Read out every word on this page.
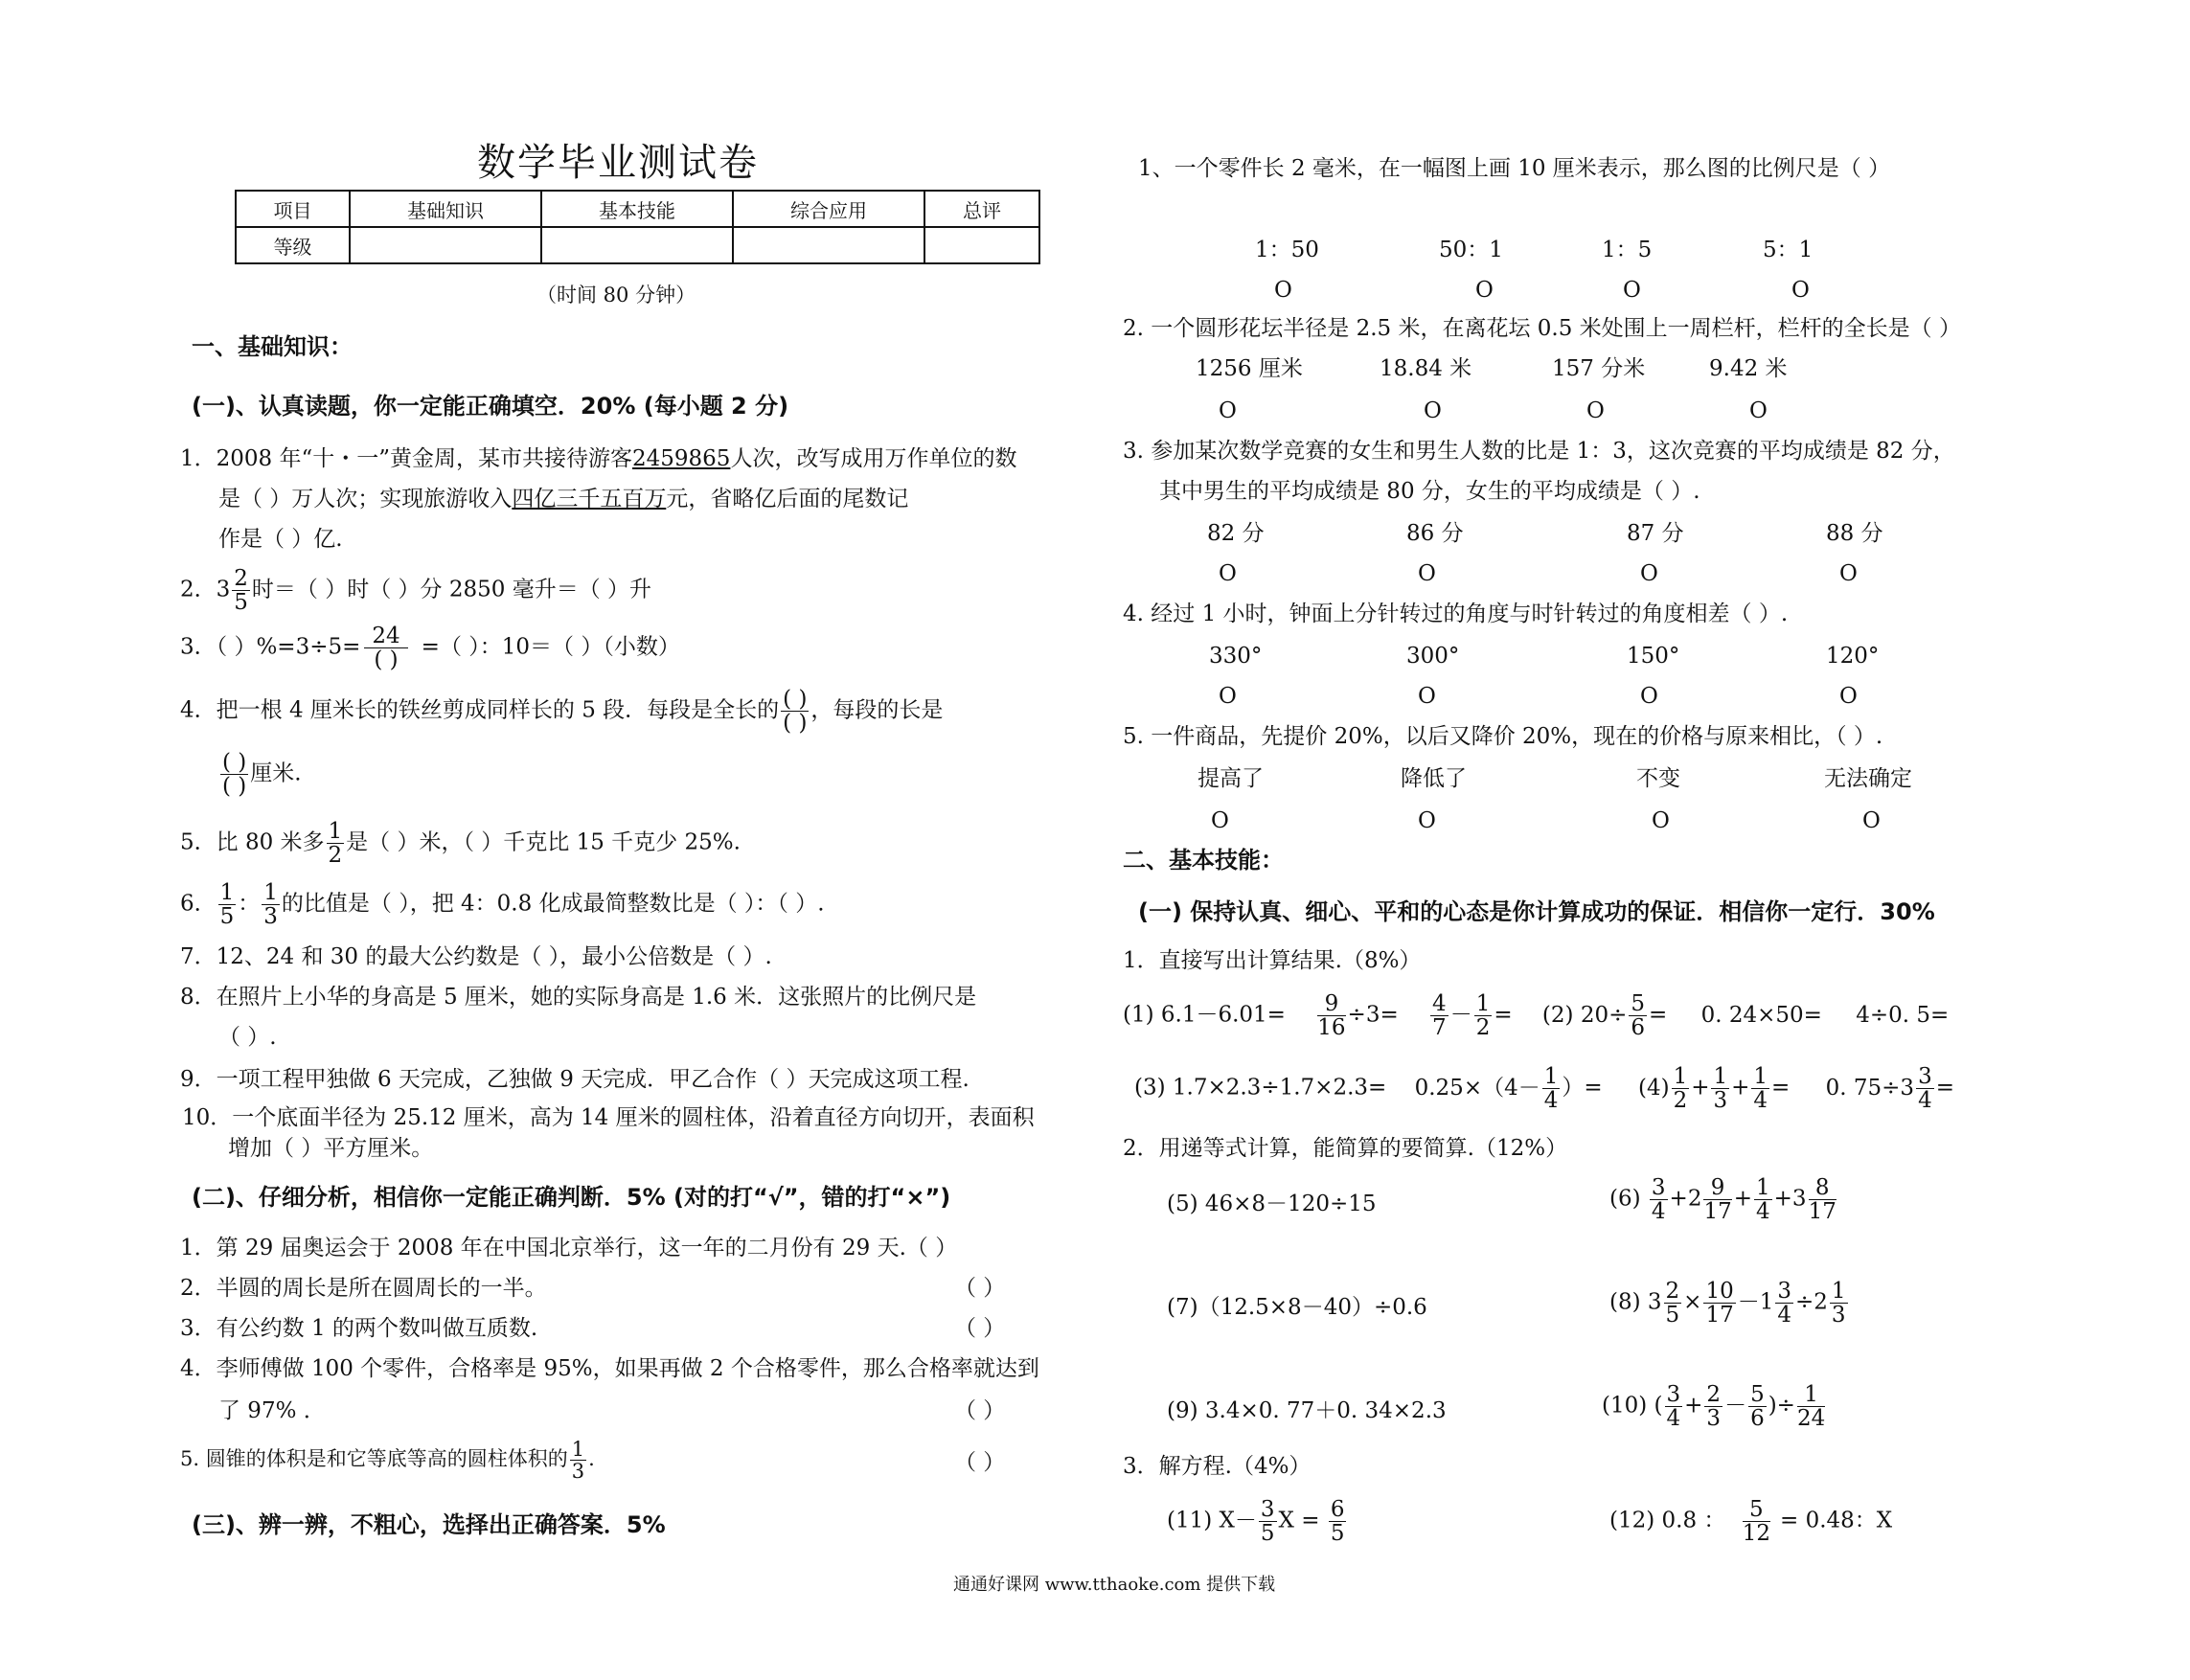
数学毕业测试卷
项目	基础知识	基本技能	综合应用	总评
等级				
（时间 80 分钟）
一、基础知识：
(一)、认真读题，你一定能正确填空．20% (每小题 2 分)
1．2008 年“十・一”黄金周，某市共接待游客2459865人次，改写成用万作单位的数
是（ ）万人次；实现旅游收入四亿三千五百万元，省略亿后面的尾数记
作是（ ）亿.
2．$3 \frac{2}{5}$ 时＝（ ）时（ ）分 2850 毫升＝（ ）升
3．（ ）%=3÷5= 24
( )
=（ ）：10＝（ ）（小数）
4．把一根 4 厘米长的铁丝剪成同样长的 5 段．每段是全长的 ( )
( )
，每段的长是
( )
( )
厘米.
5．比 80 米多 $\frac{1}{2}$ 是（ ）米，（ ）千克比 15 千克少 25%.
6． $\frac{1}{5}$ ： $\frac{1}{3}$ 的比值是（ ），把 4：0.8 化成最简整数比是（ ）：（ ）.
7．12、24 和 30 的最大公约数是（ ），最小公倍数是（ ）.
8．在照片上小华的身高是 5 厘米，她的实际身高是 1.6 米．这张照片的比例尺是
（ ）.
9．一项工程甲独做 6 天完成，乙独做 9 天完成．甲乙合作（ ）天完成这项工程.
10．一个底面半径为 25.12 厘米，高为 14 厘米的圆柱体，沿着直径方向切开，表面积
增加（ ）平方厘米。
(二)、仔细分析，相信你一定能正确判断．5% (对的打“√”，错的打“×”)
1．第 29 届奥运会于 2008 年在中国北京举行，这一年的二月份有 29 天.（ ）
2．半圆的周长是所在圆周长的一半。	（ ）
3．有公约数 1 的两个数叫做互质数.	（ ）
4．李师傅做 100 个零件，合格率是 95%，如果再做 2 个合格零件，那么合格率就达到
了 97% ．	（ ）
5. 圆锥的体积是和它等底等高的圆柱体积的 $\frac{1}{3}$ .	（ ）
(三)、辨一辨，不粗心，选择出正确答案．5%
1、一个零件长 2 毫米，在一幅图上画 10 厘米表示，那么图的比例尺是（ ）
1：50	50：1	1：5	5：1
O	O	O	O
2. 一个圆形花坛半径是 2.5 米，在离花坛 0.5 米处围上一周栏杆，栏杆的全长是（ ）
1256 厘米	18.84 米	157 分米	9.42 米
O	O	O	O
3. 参加某次数学竞赛的女生和男生人数的比是 1：3，这次竞赛的平均成绩是 82 分，
其中男生的平均成绩是 80 分，女生的平均成绩是（ ）.
82 分	86 分	87 分	88 分
O	O	O	O
4. 经过 1 小时，钟面上分针转过的角度与时针转过的角度相差（ ）.
330°	300°	150°	120°
O	O	O	O
5. 一件商品，先提价 20%，以后又降价 20%，现在的价格与原来相比，（ ）.
提高了	降低了	不变	无法确定
O	O	O	O
二、基本技能：
(一) 保持认真、细心、平和的心态是你计算成功的保证．相信你一定行．30%
1．直接写出计算结果.（8%）
(1) $6.1-6.01= \frac{9}{16} \div 3= \frac{4}{7} - \frac{1}{2} = (2)$ $20\div \frac{5}{6} = 0$. 24×50= 4÷0. 5=
(3) $1.7\times 2.3\div 1.7\times 2.3= 0.25\times(4- \frac{1}{4}$ ）= $(4) \frac{1}{2} + \frac{1}{3} + \frac{1}{4} = 0$. $75\div 3 \frac{3}{4}$ =
2．用递等式计算，能简算的要简算.（12%）
(5) 46×8－120÷15	$(6) \frac{3}{4} +2 \frac{9}{17} + \frac{1}{4} +3 \frac{8}{17}$
(7)（12.5×8－40）÷0.6	(8) $3 \frac{2}{5} \times \frac{10}{17} -1 \frac{3}{4} \div 2 \frac{1}{3}$
(9) 3.4×0. 77＋0. 34×2.3	(10) ( $\frac{3}{4} + \frac{2}{3} - \frac{5}{6}$ )÷ $\frac{1}{24}$
3．解方程.（4%）
(11) $X- \frac{3}{5}$ $X = \frac{6}{5}$	(12) 0.8 ： $\frac{5}{12} = 0.48$：X
通通好课网 www.tthaoke.com 提供下载
